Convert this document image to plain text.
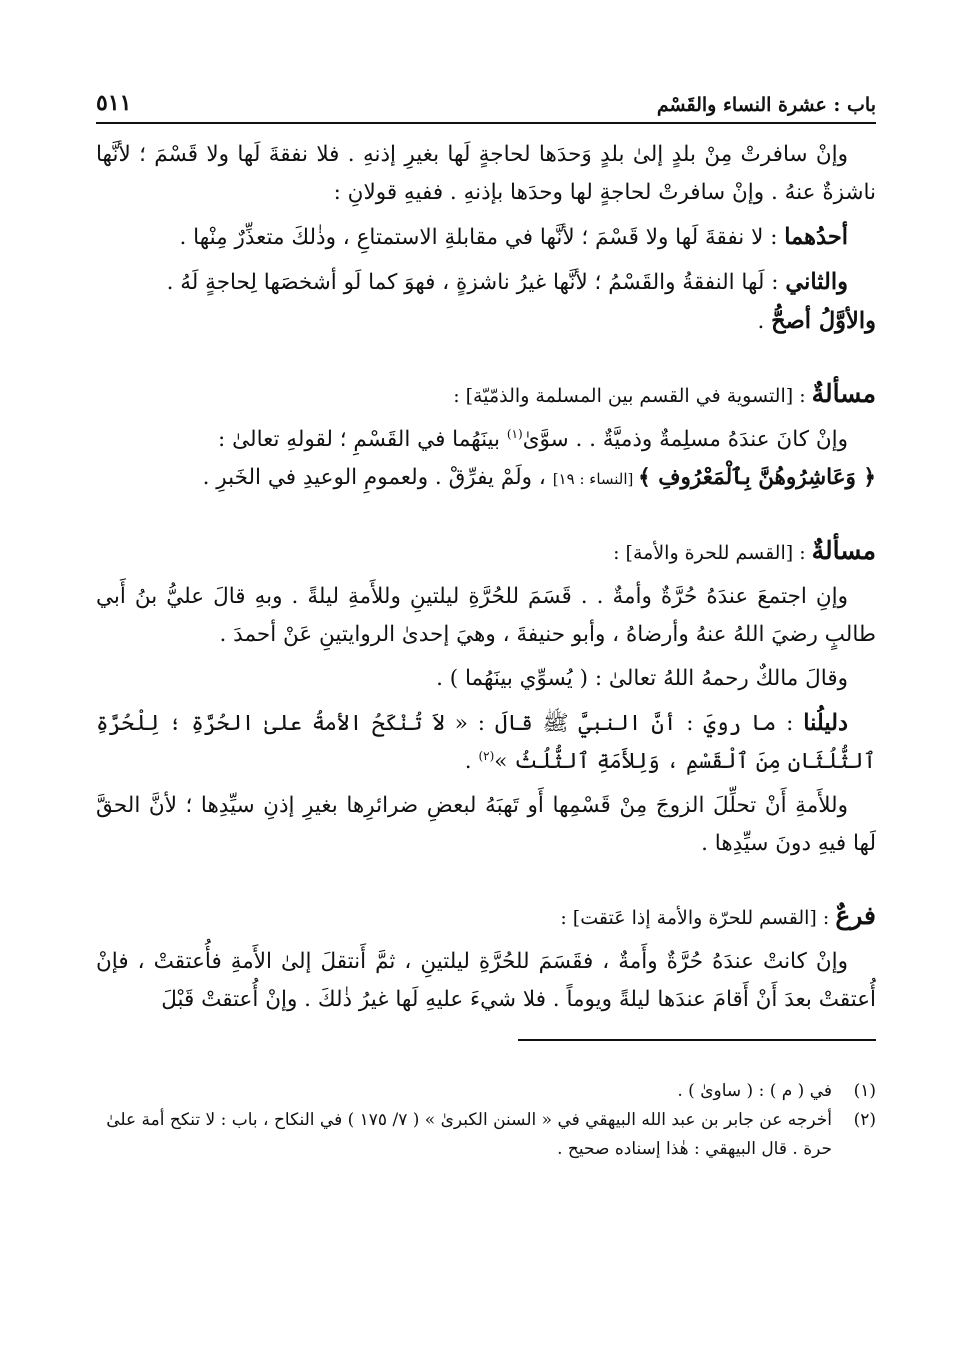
باب : عشرة النساء والقَسْم
٥١١

وإنْ سافرتْ مِنْ بلدٍ إلىٰ بلدٍ وَحدَها لحاجةٍ لَها بغيرِ إذنهِ . فلا نفقةَ لَها ولا قَسْمَ ؛ لأنَّها ناشزةٌ عنهُ . وإنْ سافرتْ لحاجةٍ لها وحدَها بإذنهِ . ففيهِ قولانِ :

أحدُهما : لا نفقةَ لَها ولا قَسْمَ ؛ لأنَّها في مقابلةِ الاستمتاعِ ، وذٰلكَ متعذِّرٌ مِنْها .

والثاني : لَها النفقةُ والقَسْمُ ؛ لأنَّها غيرُ ناشزةٍ ، فهوَ كما لَو أشخصَها لِحاجةٍ لَهُ .
والأوَّلُ أصحُّ .

مسألةٌ : [التسوية في القسم بين المسلمة والذمّيّة] :

وإنْ كانَ عندَهُ مسلِمةٌ وذميَّةٌ . . سوَّىٰ$^{(١)}$ بينَهُما في القَسْمِ ؛ لقولهِ تعالىٰ :
﴿ وَعَاشِرُوهُنَّ بِٱلْمَعْرُوفِ ﴾ [النساء : ١٩] ، ولَمْ يفرِّقْ . ولعمومِ الوعيدِ في الخَبرِ .

مسألةٌ : [القسم للحرة والأمة] :

وإنِ اجتمعَ عندَهُ حُرَّةٌ وأمةٌ . . قَسَمَ للحُرَّةِ ليلتينِ وللأَمةِ ليلةً . وبهِ قالَ عليُّ بنُ أَبي طالبٍ رضيَ اللهُ عنهُ وأرضاهُ ، وأبو حنيفةَ ، وهيَ إحدىٰ الروايتينِ عَنْ أحمدَ .

وقالَ مالكٌ رحمهُ اللهُ تعالىٰ : ( يُسوِّي بينَهُما ) .

دليلُنا : ما رويَ : أنَّ النبيَّ ﷺ قالَ : « لاَ تُنْكَحُ الأمةُ علىٰ الحُرَّةِ ؛ لِلْحُرَّةِ ٱلثُّلُثَانِ مِنَ ٱلْقَسْمِ ، وَلِلأَمَةِ ٱلثُّلُثُ »$^{(٢)}$ .

وللأَمةِ أَنْ تحلِّلَ الزوجَ مِنْ قَسْمِها أَو تَهبَهُ لبعضِ ضرائرِها بغيرِ إذنِ سيِّدِها ؛ لأنَّ الحقَّ لَها فيهِ دونَ سيِّدِها .

فرعٌ : [القسم للحرّة والأمة إذا عَتقت] :

وإنْ كانتْ عندَهُ حُرَّةٌ وأَمةٌ ، فقَسَمَ للحُرَّةِ ليلتينِ ، ثمَّ أَنتقلَ إلىٰ الأَمةِ فأُعتقتْ ، فإنْ أُعتقتْ بعدَ أَنْ أَقامَ عندَها ليلةً ويوماً . فلا شيءَ عليهِ لَها غيرُ ذٰلكَ . وإنْ أُعتقتْ قَبْلَ

(١)
في ( م ) : ( ساوىٰ ) .
(٢)
أخرجه عن جابر بن عبد الله البيهقي في « السنن الكبرىٰ » ( ٧/ ١٧٥ ) في النكاح ، باب : لا تنكح أمة علىٰ حرة . قال البيهقي : هٰذا إسناده صحيح .
